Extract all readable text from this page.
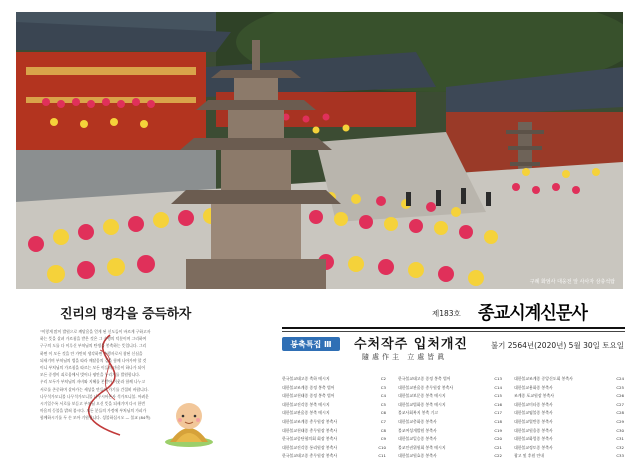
구례 화엄사 대웅전 앞 사사자 삼층석탑
진리의 명각을 증득하자	제183호 종교시계신문사
봉축특집 Ⅲ	수처작주 입처개진
隨處作主 立處皆眞
불기 2564년(2020년) 5월 30일 토요일

"이렇게 많이 발원으로 깨달음을 얻게 된 신도들이 바르게 구하고자

하는 뜻을 살펴 가르침을 받은 것은 그 수행의 덕분이며 그리하여

구구의 도를 다 이루신 부처님의 탄생을 봉축하는 뜻입니다. 그리

하면 이 모든 것을 안 가만히 생각하면 수행자로서 참된 신심을

되새기며 부처님의 법을 따라 깨달음의 길을 함께 나아가야 할 것

이니 부처님의 가르침을 따르는 모든 이들의 마음이 하나가 되어

모든 중생이 괴로움에서 벗어나 평안을 누리기를 발원합니다.

우리 모두가 부처님의 자비와 지혜를 본받아 이웃과 함께 나누고

서로를 존중하며 살아가는 세상을 만들어 가기를 간절히 바랍니다.

나무석가모니불 나무석가모니불 나무시아본사 석가모니불. 어려운

시기일수록 서로를 보듬고 부처님 오신 뜻을 되새기며 다시 한번

마음의 등불을 밝혀 봅시다. 모든 분들의 가정에 부처님의 가피가

함께하시기를 두 손 모아 기원합니다. 성불하십시오 — 불교 (84쪽)

한국불교태고종 축하 메시지	C2
대한불교조계종 종정 봉축 법어	C3
대한불교천태종 종정 봉축 법어	C4
대한불교진각종 봉축 메시지	C5
대한불교관음종 봉축 메시지	C6
대한불교조계종 총무원장 봉축사	C7
대한불교천태종 총무원장 봉축사	C8
한국불교종단협의회 회장 봉축사	C9
대한불교진각종 통리원장 봉축사	C10
한국불교태고종 총무원장 봉축사	C11
한국불교태고종 종정 봉축 법어	C13
대한불교관음종 총무원장 봉축사	C14
대한불교보문종 봉축 메시지	C15
대한불교법화종 봉축 메시지	C16
불교사회복지 봉축 기고	C17
대한불교총화종 봉축사	C18
불교여성개발원 봉축사	C19
대한불교일승종 봉축사	C20
불교인권위원회 봉축 메시지	C21
대한불교원효종 봉축사	C22
대한불교조계종 중앙신도회 봉축사	C24
대한불교용화종 봉축사	C25
조계종 포교원장 봉축사	C26
대한불교미타종 봉축사	C27
대한불교염불종 봉축사	C28
대한불교열반종 봉축사	C29
대한불교원융종 봉축사	C30
대한불교화엄종 봉축사	C31
대한불교정토종 봉축사	C32
광고 및 후원 안내	C33
